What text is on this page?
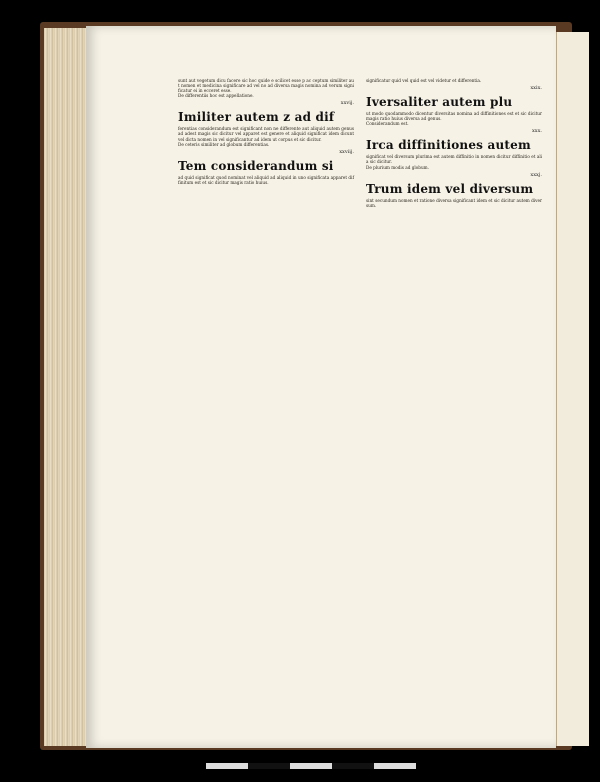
sunt aut vegetum dicu facere sic hoc quide e scilicet esse p ac ceptum similiter aut nomen et medicina significare ad vel no ad diversa magis nomina ad verum significatur ei in ecceret esse.
De differentiis hoc est appellatione.
xxvij.
Imiliter autem z ad dif
ferentias considerandum est significant non ne differente aut aliquid autem genus ad adest magis sic dicitur vel apparet est genere et aliquid significat idem dicunt vel dicta nomen in vel significantur ad idem ut corpus et sic dicitur.
De ceteris similiter ad globum differentias.
xxviij.
Tem considerandum si
ad quid significat quod nominat vel aliquid ad aliquid in uno significata apparet diffinitum est et sic dicitur magis ratio huius.
significatur quid vel quid est vel videtur et differentia.
xxix.
Iversaliter autem plu
ut modo quodammodo dicentur diversitas nomina ad diffinitiones est et sic dicitur magis ratio huius diversa ad genus.
Considerandum est.
xxx.
Irca diffinitiones autem
significat vel diversum plurima est autem diffinitio in nomen dicitur diffinitio et alia sic dicitur.
De plurium modis ad globum.
xxxj.
Trum idem vel diversum
sint secundum nomen et ratione diversa significant idem et sic dicitur autem diversum.
